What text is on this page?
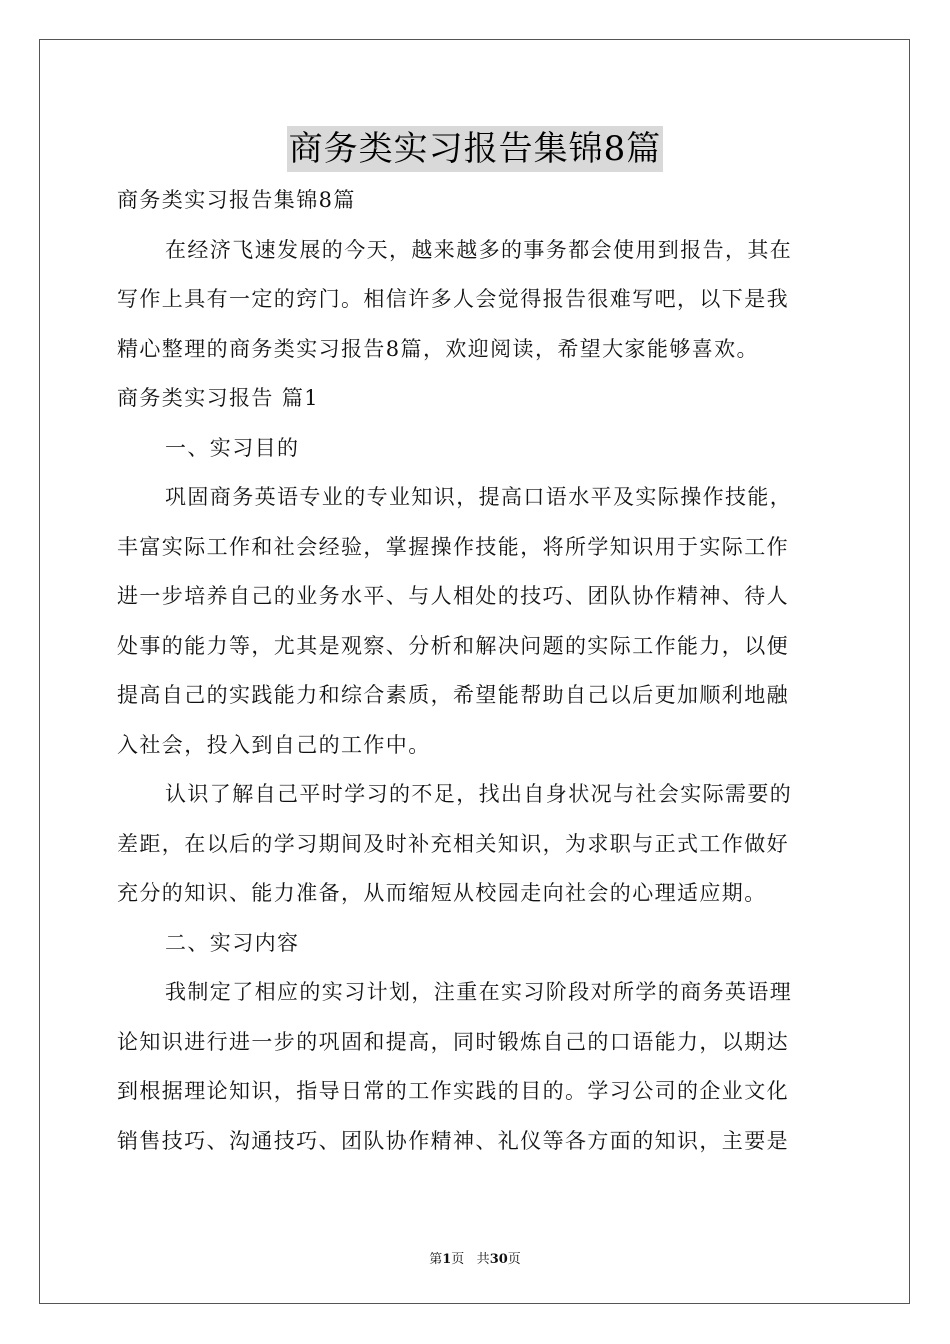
商务类实习报告集锦8篇
商务类实习报告集锦8篇
在经济飞速发展的今天，越来越多的事务都会使用到报告，其在
写作上具有一定的窍门。相信许多人会觉得报告很难写吧，以下是我
精心整理的商务类实习报告8篇，欢迎阅读，希望大家能够喜欢。
商务类实习报告 篇1
一、实习目的
巩固商务英语专业的专业知识，提高口语水平及实际操作技能，
丰富实际工作和社会经验，掌握操作技能，将所学知识用于实际工作
进一步培养自己的业务水平、与人相处的技巧、团队协作精神、待人
处事的能力等，尤其是观察、分析和解决问题的实际工作能力，以便
提高自己的实践能力和综合素质，希望能帮助自己以后更加顺利地融
入社会，投入到自己的工作中。
认识了解自己平时学习的不足，找出自身状况与社会实际需要的
差距，在以后的学习期间及时补充相关知识，为求职与正式工作做好
充分的知识、能力准备，从而缩短从校园走向社会的心理适应期。
二、实习内容
我制定了相应的实习计划，注重在实习阶段对所学的商务英语理
论知识进行进一步的巩固和提高，同时锻炼自己的口语能力，以期达
到根据理论知识，指导日常的工作实践的目的。学习公司的企业文化
销售技巧、沟通技巧、团队协作精神、礼仪等各方面的知识，主要是
第1页 共30页
